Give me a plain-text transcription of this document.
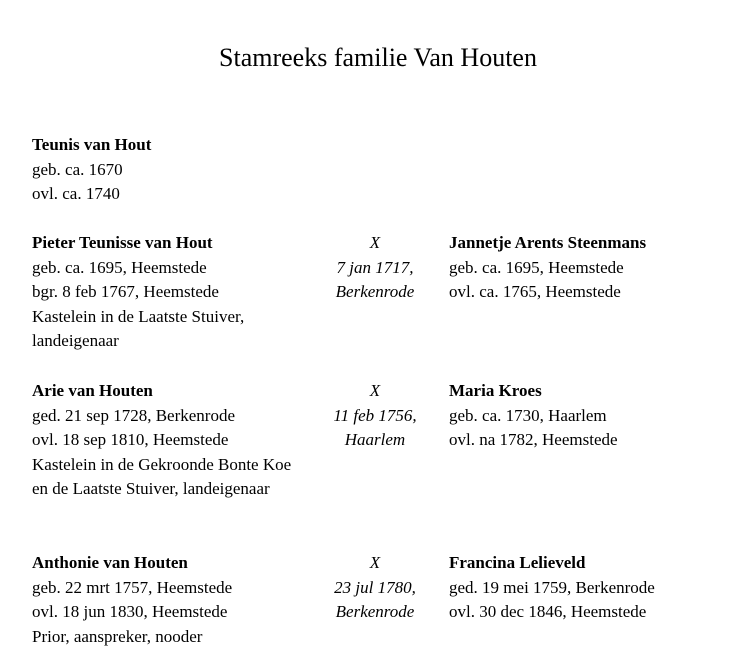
Stamreeks familie Van Houten
Teunis van Hout
geb. ca. 1670
ovl. ca. 1740
Pieter Teunisse van Hout
geb. ca. 1695, Heemstede
bgr. 8 feb 1767, Heemstede
Kastelein in de Laatste Stuiver, landeigenaar
X
7 jan 1717,
Berkenrode
Jannetje Arents Steenmans
geb. ca. 1695, Heemstede
ovl. ca. 1765, Heemstede
Arie van Houten
ged. 21 sep 1728, Berkenrode
ovl. 18 sep 1810, Heemstede
Kastelein in de Gekroonde Bonte Koe en de Laatste Stuiver, landeigenaar
X
11 feb 1756,
Haarlem
Maria Kroes
geb. ca. 1730, Haarlem
ovl. na 1782, Heemstede
Anthonie van Houten
geb. 22 mrt 1757, Heemstede
ovl. 18 jun 1830, Heemstede
Prior, aanspreker, nooder
X
23 jul 1780,
Berkenrode
Francina Lelieveld
ged. 19 mei 1759, Berkenrode
ovl. 30 dec 1846, Heemstede
